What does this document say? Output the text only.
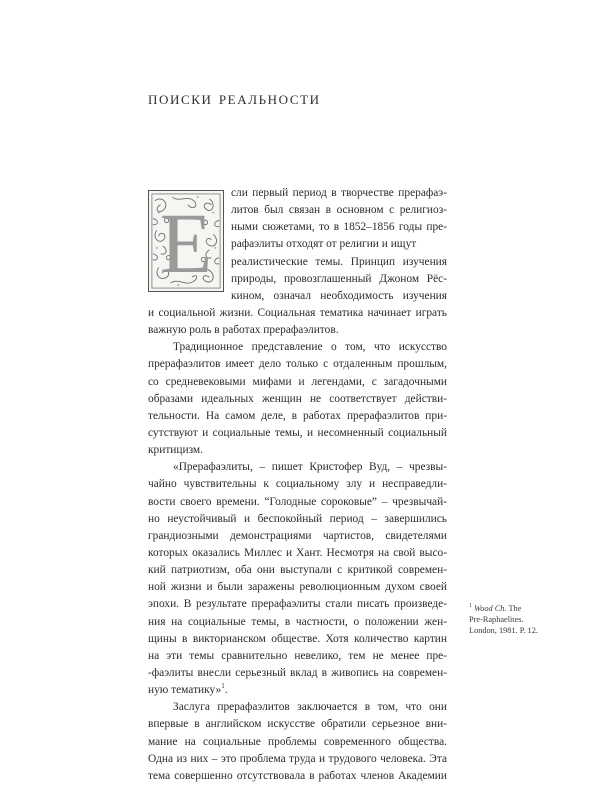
поиски реальности
Е
сли первый период в творчестве прерафаэ-
литов был связан в основном с религиоз-
ными сюжетами, то в 1852–1856 годы пре-
рафаэлиты отходят от религии и ищут
реалистические темы. Принцип изучения
природы, провозглашенный Джоном Рёс-
кином, означал необходимость изучения
и социальной жизни. Социальная тематика начинает играть
важную роль в работах прерафаэлитов.
Традиционное представление о том, что искусство
прерафаэлитов имеет дело только с отдаленным прошлым,
со средневековыми мифами и легендами, с загадочными
образами идеальных женщин не соответствует действи-
тельности. На самом деле, в работах прерафаэлитов при-
сутствуют и социальные темы, и несомненный социальный
критицизм.
«Прерафаэлиты, – пишет Кристофер Вуд, – чрезвы-
чайно чувствительны к социальному злу и несправедли-
вости своего времени. “Голодные сороковые” – чрезвычай-
но неустойчивый и беспокойный период – завершились
грандиозными демонстрациями чартистов, свидетелями
которых оказались Миллес и Хант. Несмотря на свой высо-
кий патриотизм, оба они выступали с критикой современ-
ной жизни и были заражены революционным духом своей
эпохи. В результате прерафаэлиты стали писать произведе-
ния на социальные темы, в частности, о положении жен-
щины в викторианском обществе. Хотя количество картин
на эти темы сравнительно невелико, тем не менее пре-
-фаэлиты внесли серьезный вклад в живопись на современ-
ную тематику»$^1$.
Заслуга прерафаэлитов заключается в том, что они
впервые в английском искусстве обратили серьезное вни-
мание на социальные проблемы современного общества.
Одна из них – это проблема труда и трудового человека. Эта
тема совершенно отсутствовала в работах членов Академии
$^1$ Wood Ch. The
Pre-Raphaelites.
London, 1981. P. 12.
